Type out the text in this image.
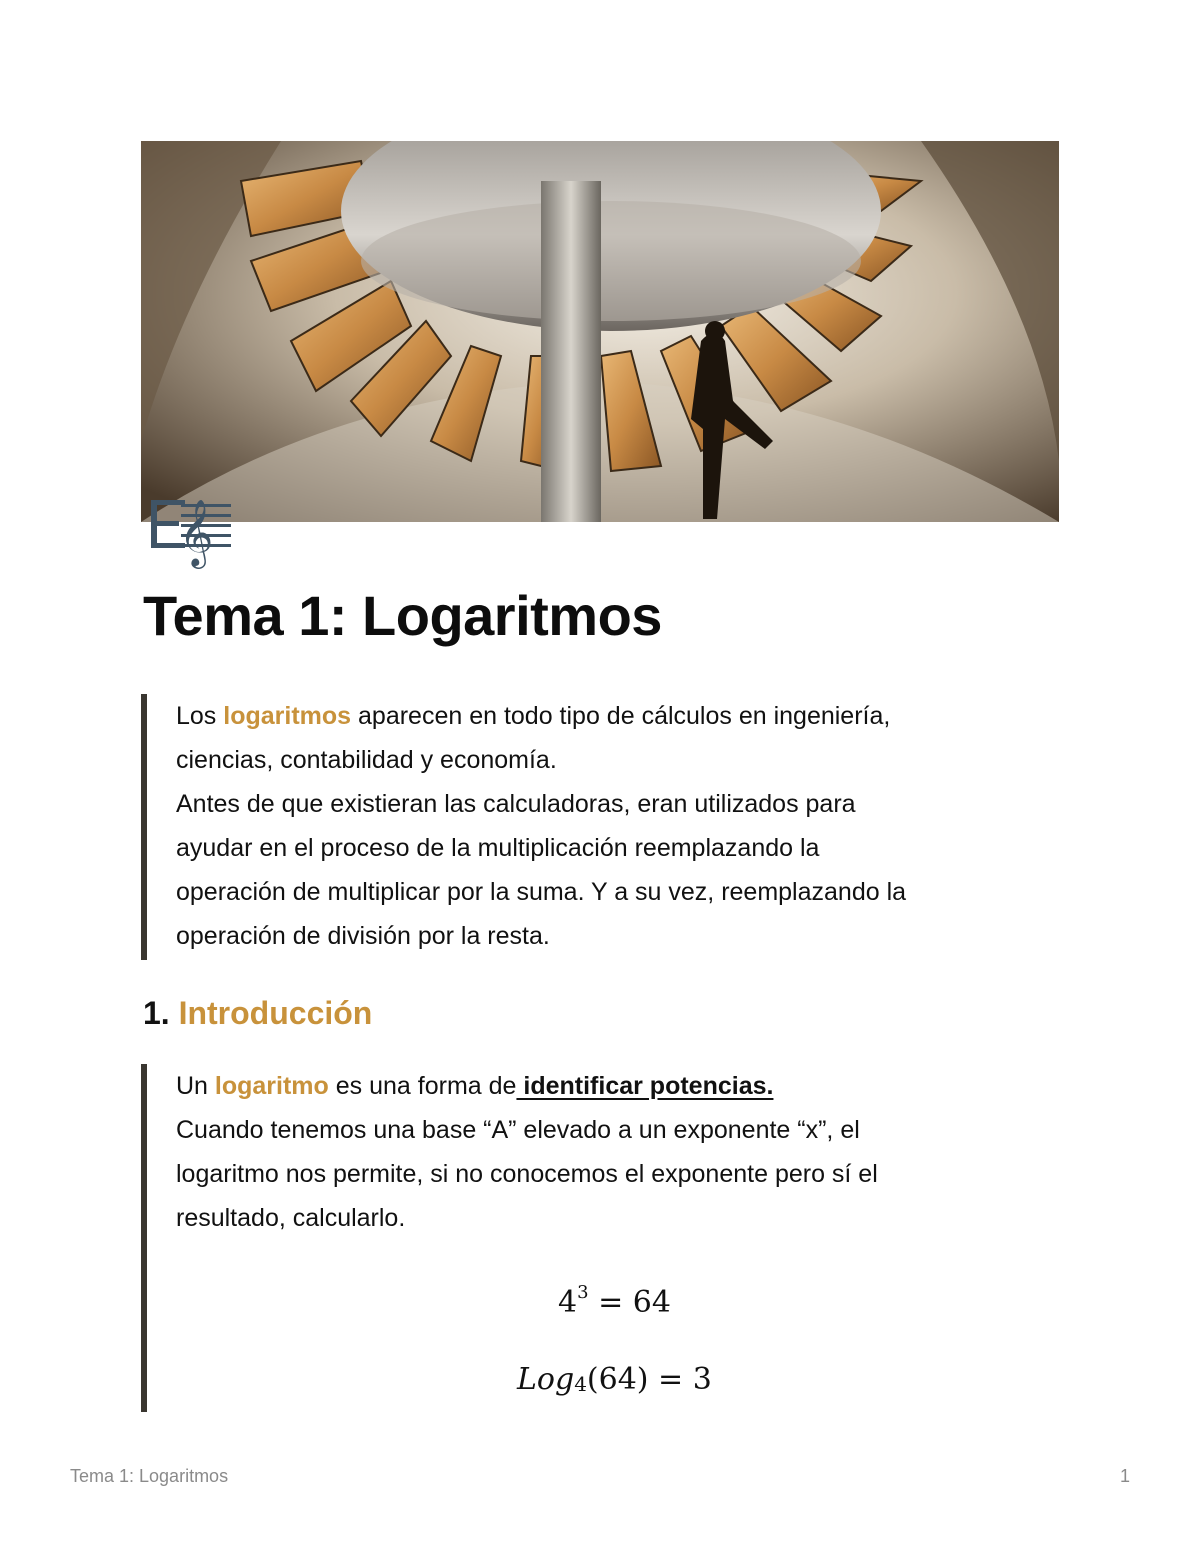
𝄞
Tema 1: Logaritmos
Los logaritmos aparecen en todo tipo de cálculos en ingeniería,
ciencias, contabilidad y economía.
Antes de que existieran las calculadoras, eran utilizados para
ayudar en el proceso de la multiplicación reemplazando la
operación de multiplicar por la suma. Y a su vez, reemplazando la
operación de división por la resta.
1. Introducción
Un logaritmo es una forma de identificar potencias.
Cuando tenemos una base “A” elevado a un exponente “x”, el
logaritmo nos permite, si no conocemos el exponente pero sí el
resultado, calcularlo.
$4^3 = 64$
Log$_4$(64) = 3
Tema 1: Logaritmos	1
